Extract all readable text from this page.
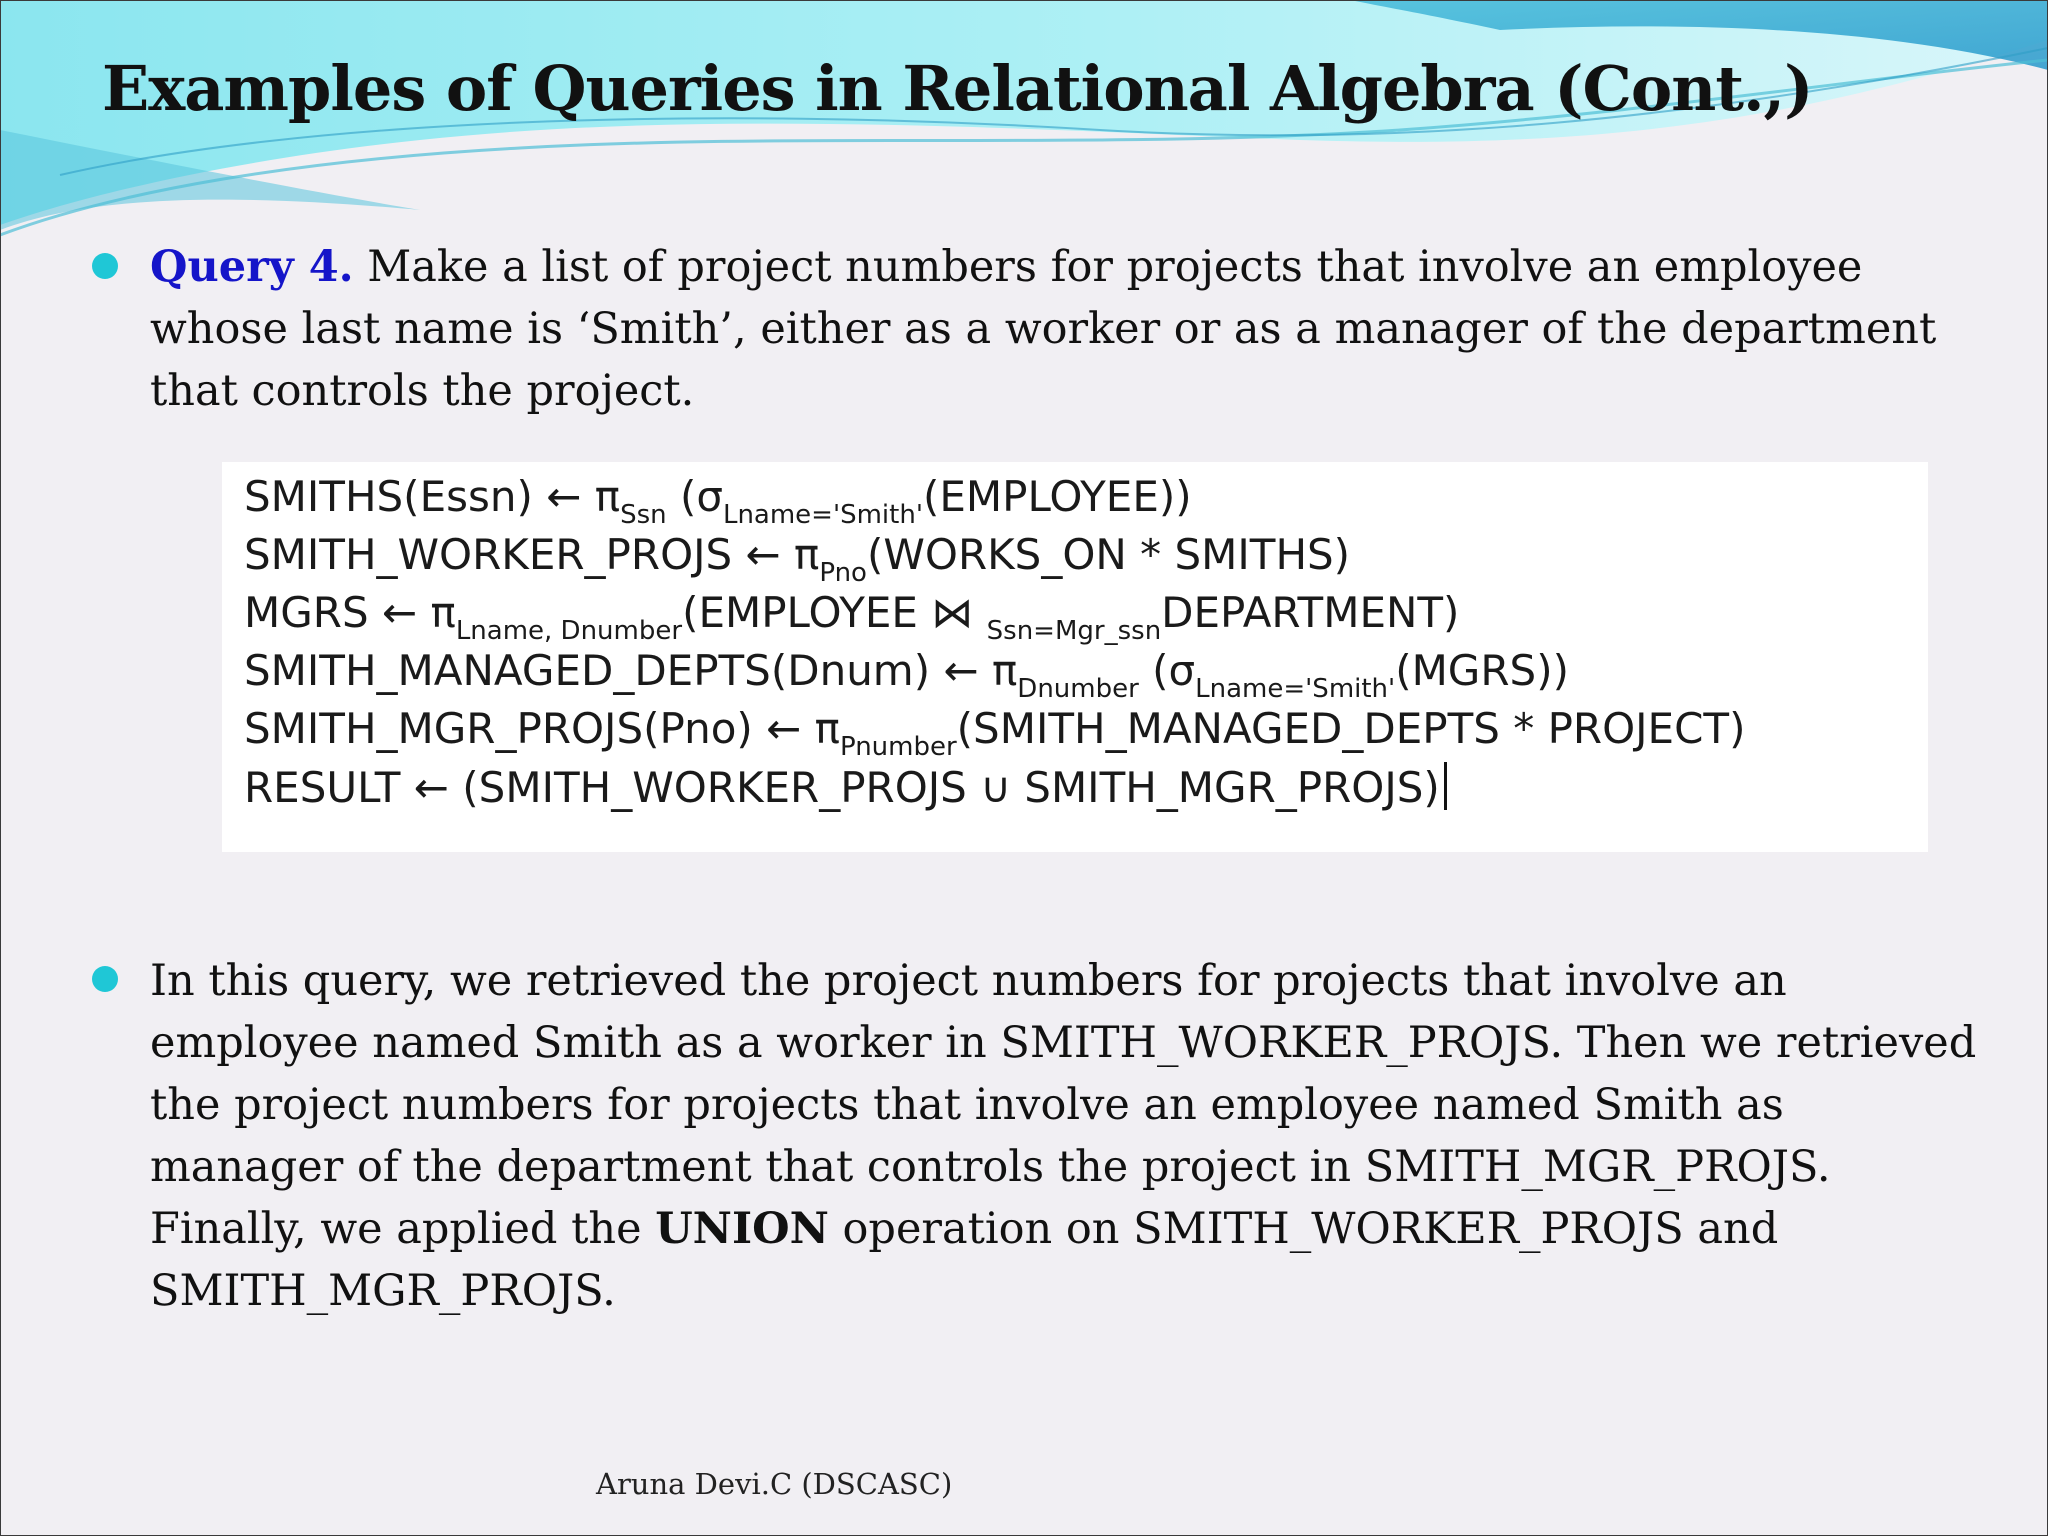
Examples of Queries in Relational Algebra (Cont.,)

Query 4. Make a list of project numbers for projects that involve an employee whose last name is ‘Smith’, either as a worker or as a manager of the department that controls the project.

SMITHS(Essn) ← $\pi_{Ssn}$ $(\sigma_{Lname='Smith'}(EMPLOYEE))$
SMITH_WORKER_PROJS ← $\pi_{Pno}(WORKS\_ON$ * SMITHS)
MGRS ← $\pi_{Lname, Dnumber}(EMPLOYEE$ ⋈ $_{Ssn=Mgr\_ssn}$DEPARTMENT)
SMITH_MANAGED_DEPTS(Dnum) ← $\pi_{Dnumber}$ $(\sigma_{Lname='Smith'}(MGRS))$
SMITH_MGR_PROJS(Pno) ← $\pi_{Pnumber}(SMITH\_MANAGED\_DEPTS$ * PROJECT)
RESULT ← (SMITH_WORKER_PROJS ∪ SMITH_MGR_PROJS)

In this query, we retrieved the project numbers for projects that involve an employee named Smith as a worker in SMITH_WORKER_PROJS. Then we retrieved the project numbers for projects that involve an employee named Smith as manager of the department that controls the project in SMITH_MGR_PROJS. Finally, we applied the UNION operation on SMITH_WORKER_PROJS and SMITH_MGR_PROJS.

Aruna Devi.C (DSCASC)
